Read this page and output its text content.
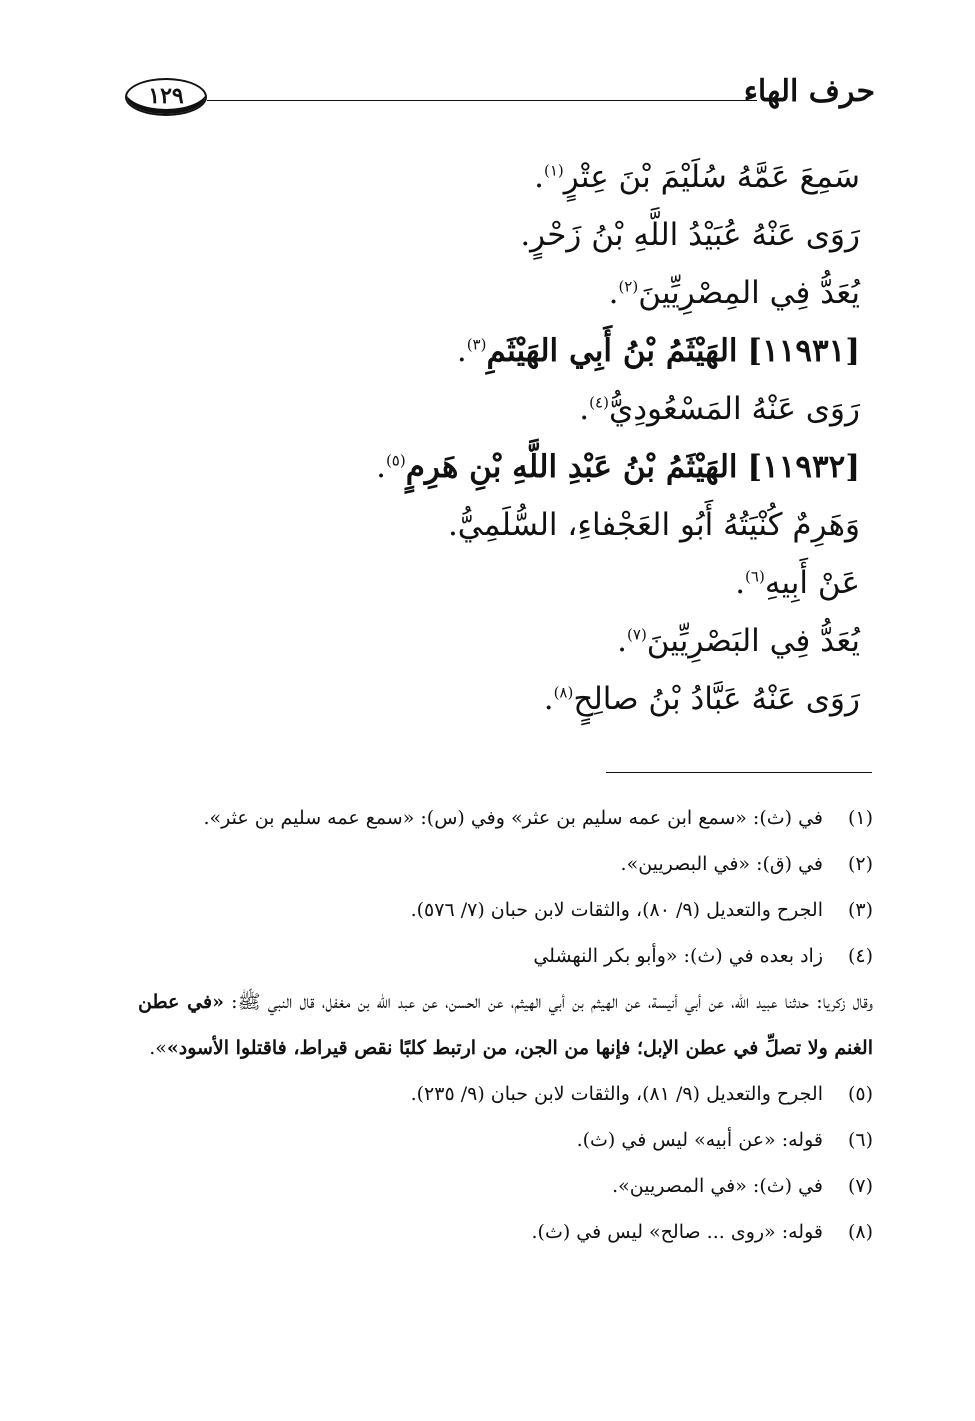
حرف الهاء
١٢٩
سَمِعَ عَمَّهُ سُلَيْمَ بْنَ عِتْرٍ$^{(١)}$.
رَوَى عَنْهُ عُبَيْدُ اللَّهِ بْنُ زَحْرٍ.
يُعَدُّ فِي المِصْرِيِّينَ$^{(٢)}$.
[١١٩٣١] الهَيْثَمُ بْنُ أَبِي الهَيْثَمِ$^{(٣)}$.
رَوَى عَنْهُ المَسْعُودِيُّ$^{(٤)}$.
[١١٩٣٢] الهَيْثَمُ بْنُ عَبْدِ اللَّهِ بْنِ هَرِمٍ$^{(٥)}$.
وَهَرِمٌ كُنْيَتُهُ أَبُو العَجْفاءِ، السُّلَمِيُّ.
عَنْ أَبِيهِ$^{(٦)}$.
يُعَدُّ فِي البَصْرِيِّينَ$^{(٧)}$.
رَوَى عَنْهُ عَبَّادُ بْنُ صالِحٍ$^{(٨)}$.
(١)في (ث): «سمع ابن عمه سليم بن عثر» وفي (س): «سمع عمه سليم بن عثر».
(٢)في (ق): «في البصريين».
(٣)الجرح والتعديل (٩/ ٨٠)، والثقات لابن حبان (٧/ ٥٧٦).
(٤)زاد بعده في (ث): «وأبو بكر النهشلي
وقال زكريا: حدثنا عبيد الله، عن أبي أنيسة، عن الهيثم بن أبي الهيثم، عن الحسن، عن عبد الله بن مغفل، قال النبي ﷺ: «في عطن الغنم ولا تصلِّ في عطن الإبل؛ فإنها من الجن، من ارتبط كلبًا نقص قيراط، فاقتلوا الأسود»».
(٥)الجرح والتعديل (٩/ ٨١)، والثقات لابن حبان (٩/ ٢٣٥).
(٦)قوله: «عن أبيه» ليس في (ث).
(٧)في (ث): «في المصريين».
(٨)قوله: «روى ... صالح» ليس في (ث).
